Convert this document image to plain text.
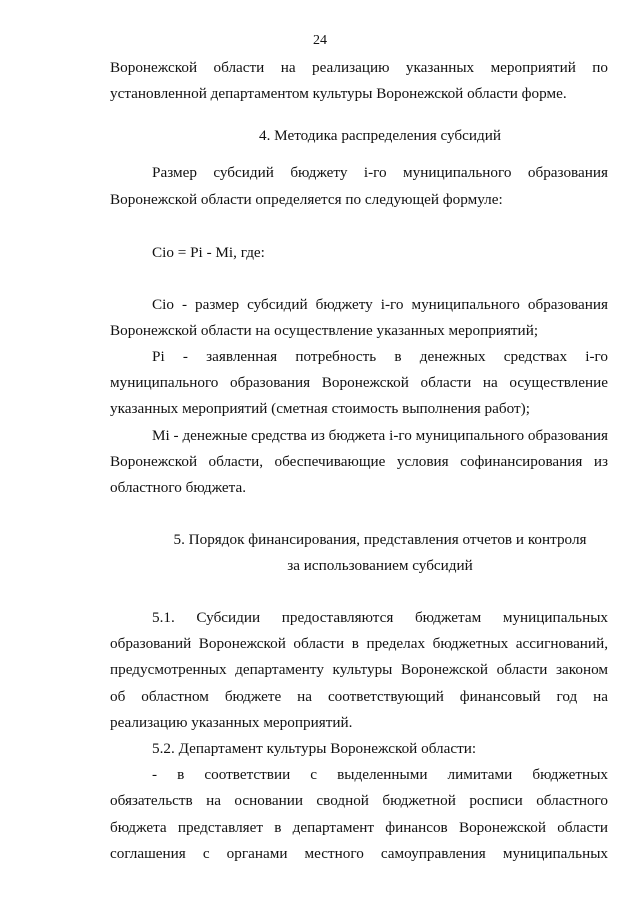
24
Воронежской области на реализацию указанных мероприятий по
установленной департаментом культуры Воронежской области форме.
4. Методика распределения субсидий
Размер субсидий бюджету i-го муниципального образования
Воронежской области определяется по следующей формуле:
Cio = Pi - Mi, где:
Cio - размер субсидий бюджету i-го муниципального образования
Воронежской области на осуществление указанных мероприятий;
Pi - заявленная потребность в денежных средствах i-го
муниципального образования Воронежской области на осуществление
указанных мероприятий (сметная стоимость выполнения работ);
Mi - денежные средства из бюджета i-го муниципального образования
Воронежской области, обеспечивающие условия софинансирования из
областного бюджета.
5. Порядок финансирования, представления отчетов и контроля
за использованием субсидий
5.1. Субсидии предоставляются бюджетам муниципальных
образований Воронежской области в пределах бюджетных ассигнований,
предусмотренных департаменту культуры Воронежской области законом
об областном бюджете на соответствующий финансовый год на
реализацию указанных мероприятий.
5.2. Департамент культуры Воронежской области:
- в соответствии с выделенными лимитами бюджетных
обязательств на основании сводной бюджетной росписи областного
бюджета представляет в департамент финансов Воронежской области
соглашения с органами местного самоуправления муниципальных
